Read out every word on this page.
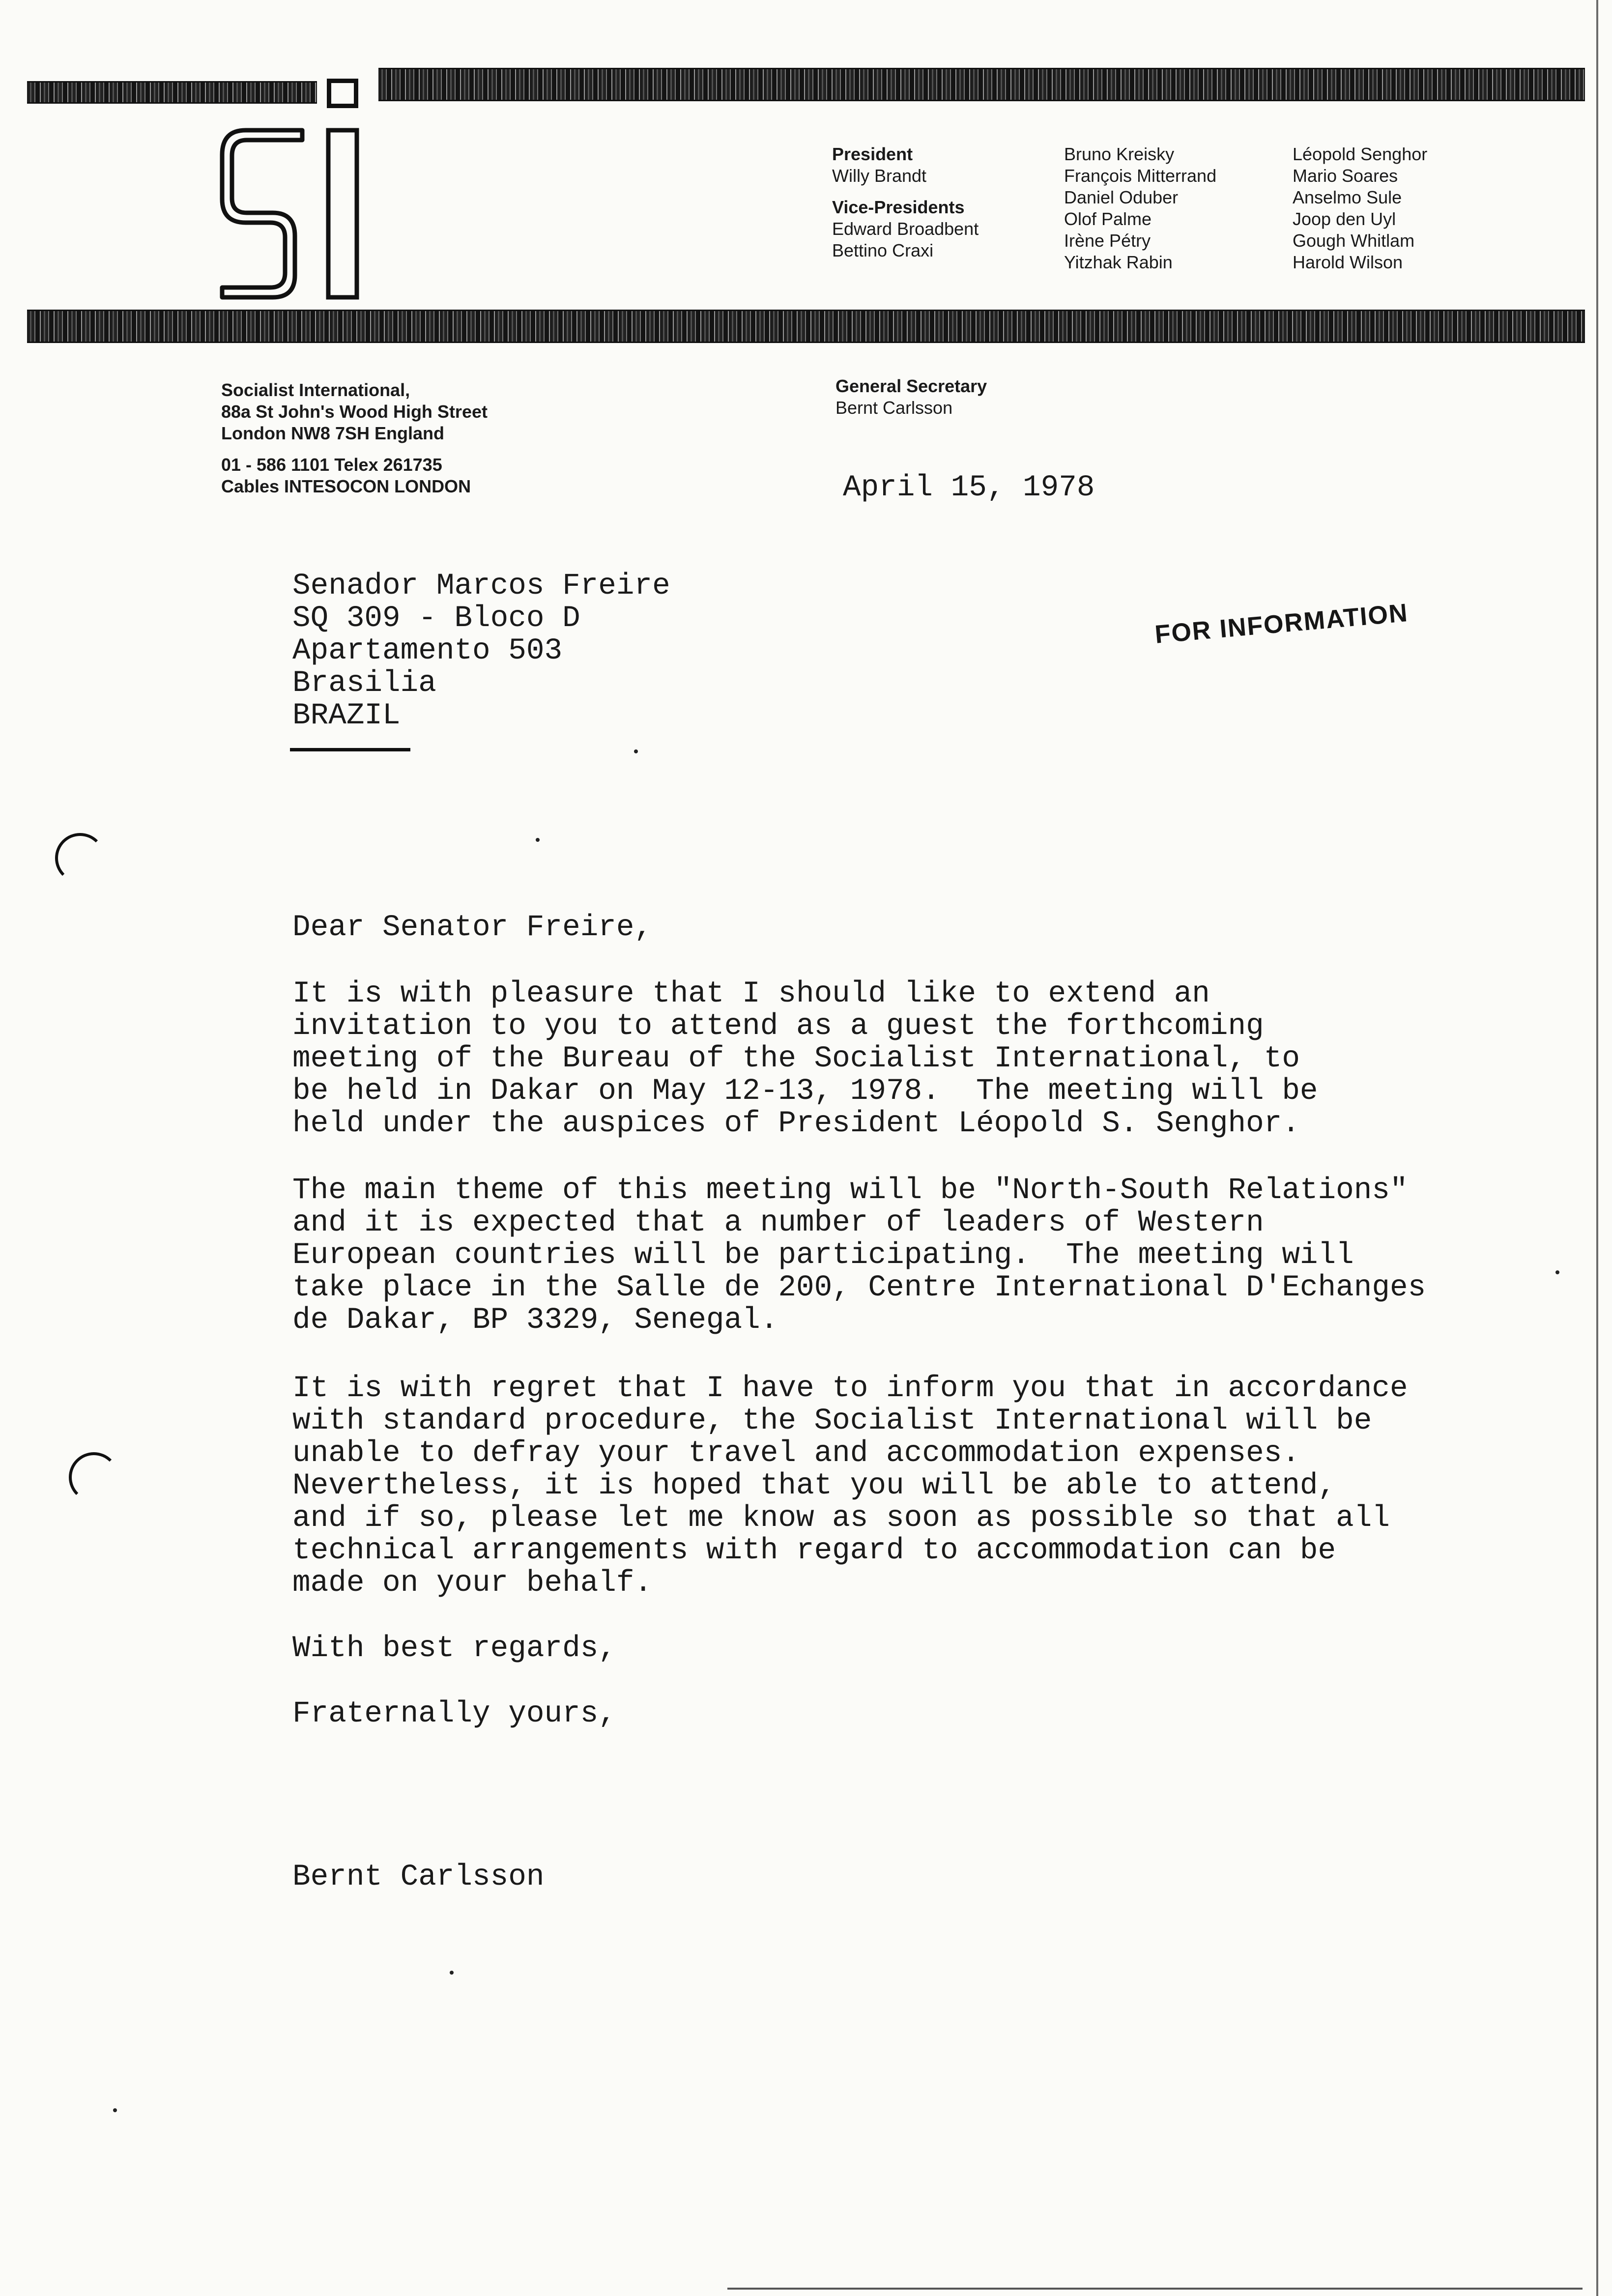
President
Willy Brandt
Vice-Presidents
Edward Broadbent
Bettino Craxi
Bruno Kreisky
François Mitterrand
Daniel Oduber
Olof Palme
Irène Pétry
Yitzhak Rabin
Léopold Senghor
Mario Soares
Anselmo Sule
Joop den Uyl
Gough Whitlam
Harold Wilson
Socialist International,
88a St John's Wood High Street
London NW8 7SH England
01 - 586 1101 Telex 261735
Cables INTESOCON LONDON
General Secretary
Bernt Carlsson
April 15, 1978
Senador Marcos Freire
SQ 309 - Bloco D
Apartamento 503
Brasilia
BRAZIL
FOR INFORMATION
Dear Senator Freire,
It is with pleasure that I should like to extend an
invitation to you to attend as a guest the forthcoming
meeting of the Bureau of the Socialist International, to
be held in Dakar on May 12-13, 1978.  The meeting will be
held under the auspices of President Léopold S. Senghor.
The main theme of this meeting will be "North-South Relations"
and it is expected that a number of leaders of Western
European countries will be participating.  The meeting will
take place in the Salle de 200, Centre International D'Echanges
de Dakar, BP 3329, Senegal.
It is with regret that I have to inform you that in accordance
with standard procedure, the Socialist International will be
unable to defray your travel and accommodation expenses.
Nevertheless, it is hoped that you will be able to attend,
and if so, please let me know as soon as possible so that all
technical arrangements with regard to accommodation can be
made on your behalf.
With best regards,
Fraternally yours,
Bernt Carlsson
